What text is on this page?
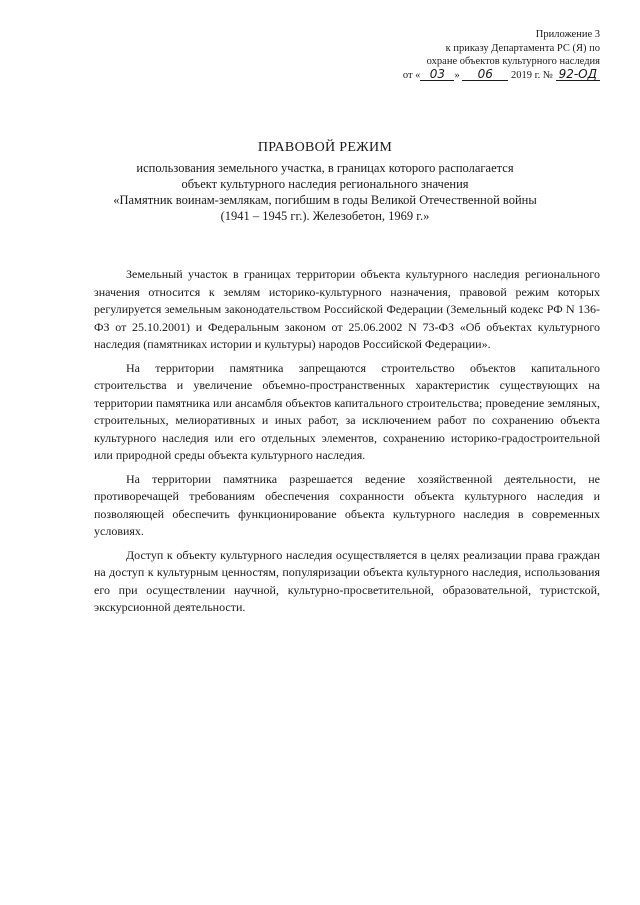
Приложение 3
к приказу Департамента РС (Я) по
охране объектов культурного наследия
от « 03 » 06 2019 г. № 92-ОД
ПРАВОВОЙ РЕЖИМ
использования земельного участка, в границах которого располагается
объект культурного наследия регионального значения
«Памятник воинам-землякам, погибшим в годы Великой Отечественной войны
(1941 – 1945 гг.). Железобетон, 1969 г.»

Земельный участок в границах территории объекта культурного наследия регионального значения относится к землям историко-культурного назначения, правовой режим которых регулируется земельным законодательством Российской Федерации (Земельный кодекс РФ N 136-ФЗ от 25.10.2001) и Федеральным законом от 25.06.2002 N 73-ФЗ «Об объектах культурного наследия (памятниках истории и культуры) народов Российской Федерации».

На территории памятника запрещаются строительство объектов капитального строительства и увеличение объемно-пространственных характеристик существующих на территории памятника или ансамбля объектов капитального строительства; проведение земляных, строительных, мелиоративных и иных работ, за исключением работ по сохранению объекта культурного наследия или его отдельных элементов, сохранению историко-градостроительной или природной среды объекта культурного наследия.

На территории памятника разрешается ведение хозяйственной деятельности, не противоречащей требованиям обеспечения сохранности объекта культурного наследия и позволяющей обеспечить функционирование объекта культурного наследия в современных условиях.

Доступ к объекту культурного наследия осуществляется в целях реализации права граждан на доступ к культурным ценностям, популяризации объекта культурного наследия, использования его при осуществлении научной, культурно-просветительной, образовательной, туристской, экскурсионной деятельности.
